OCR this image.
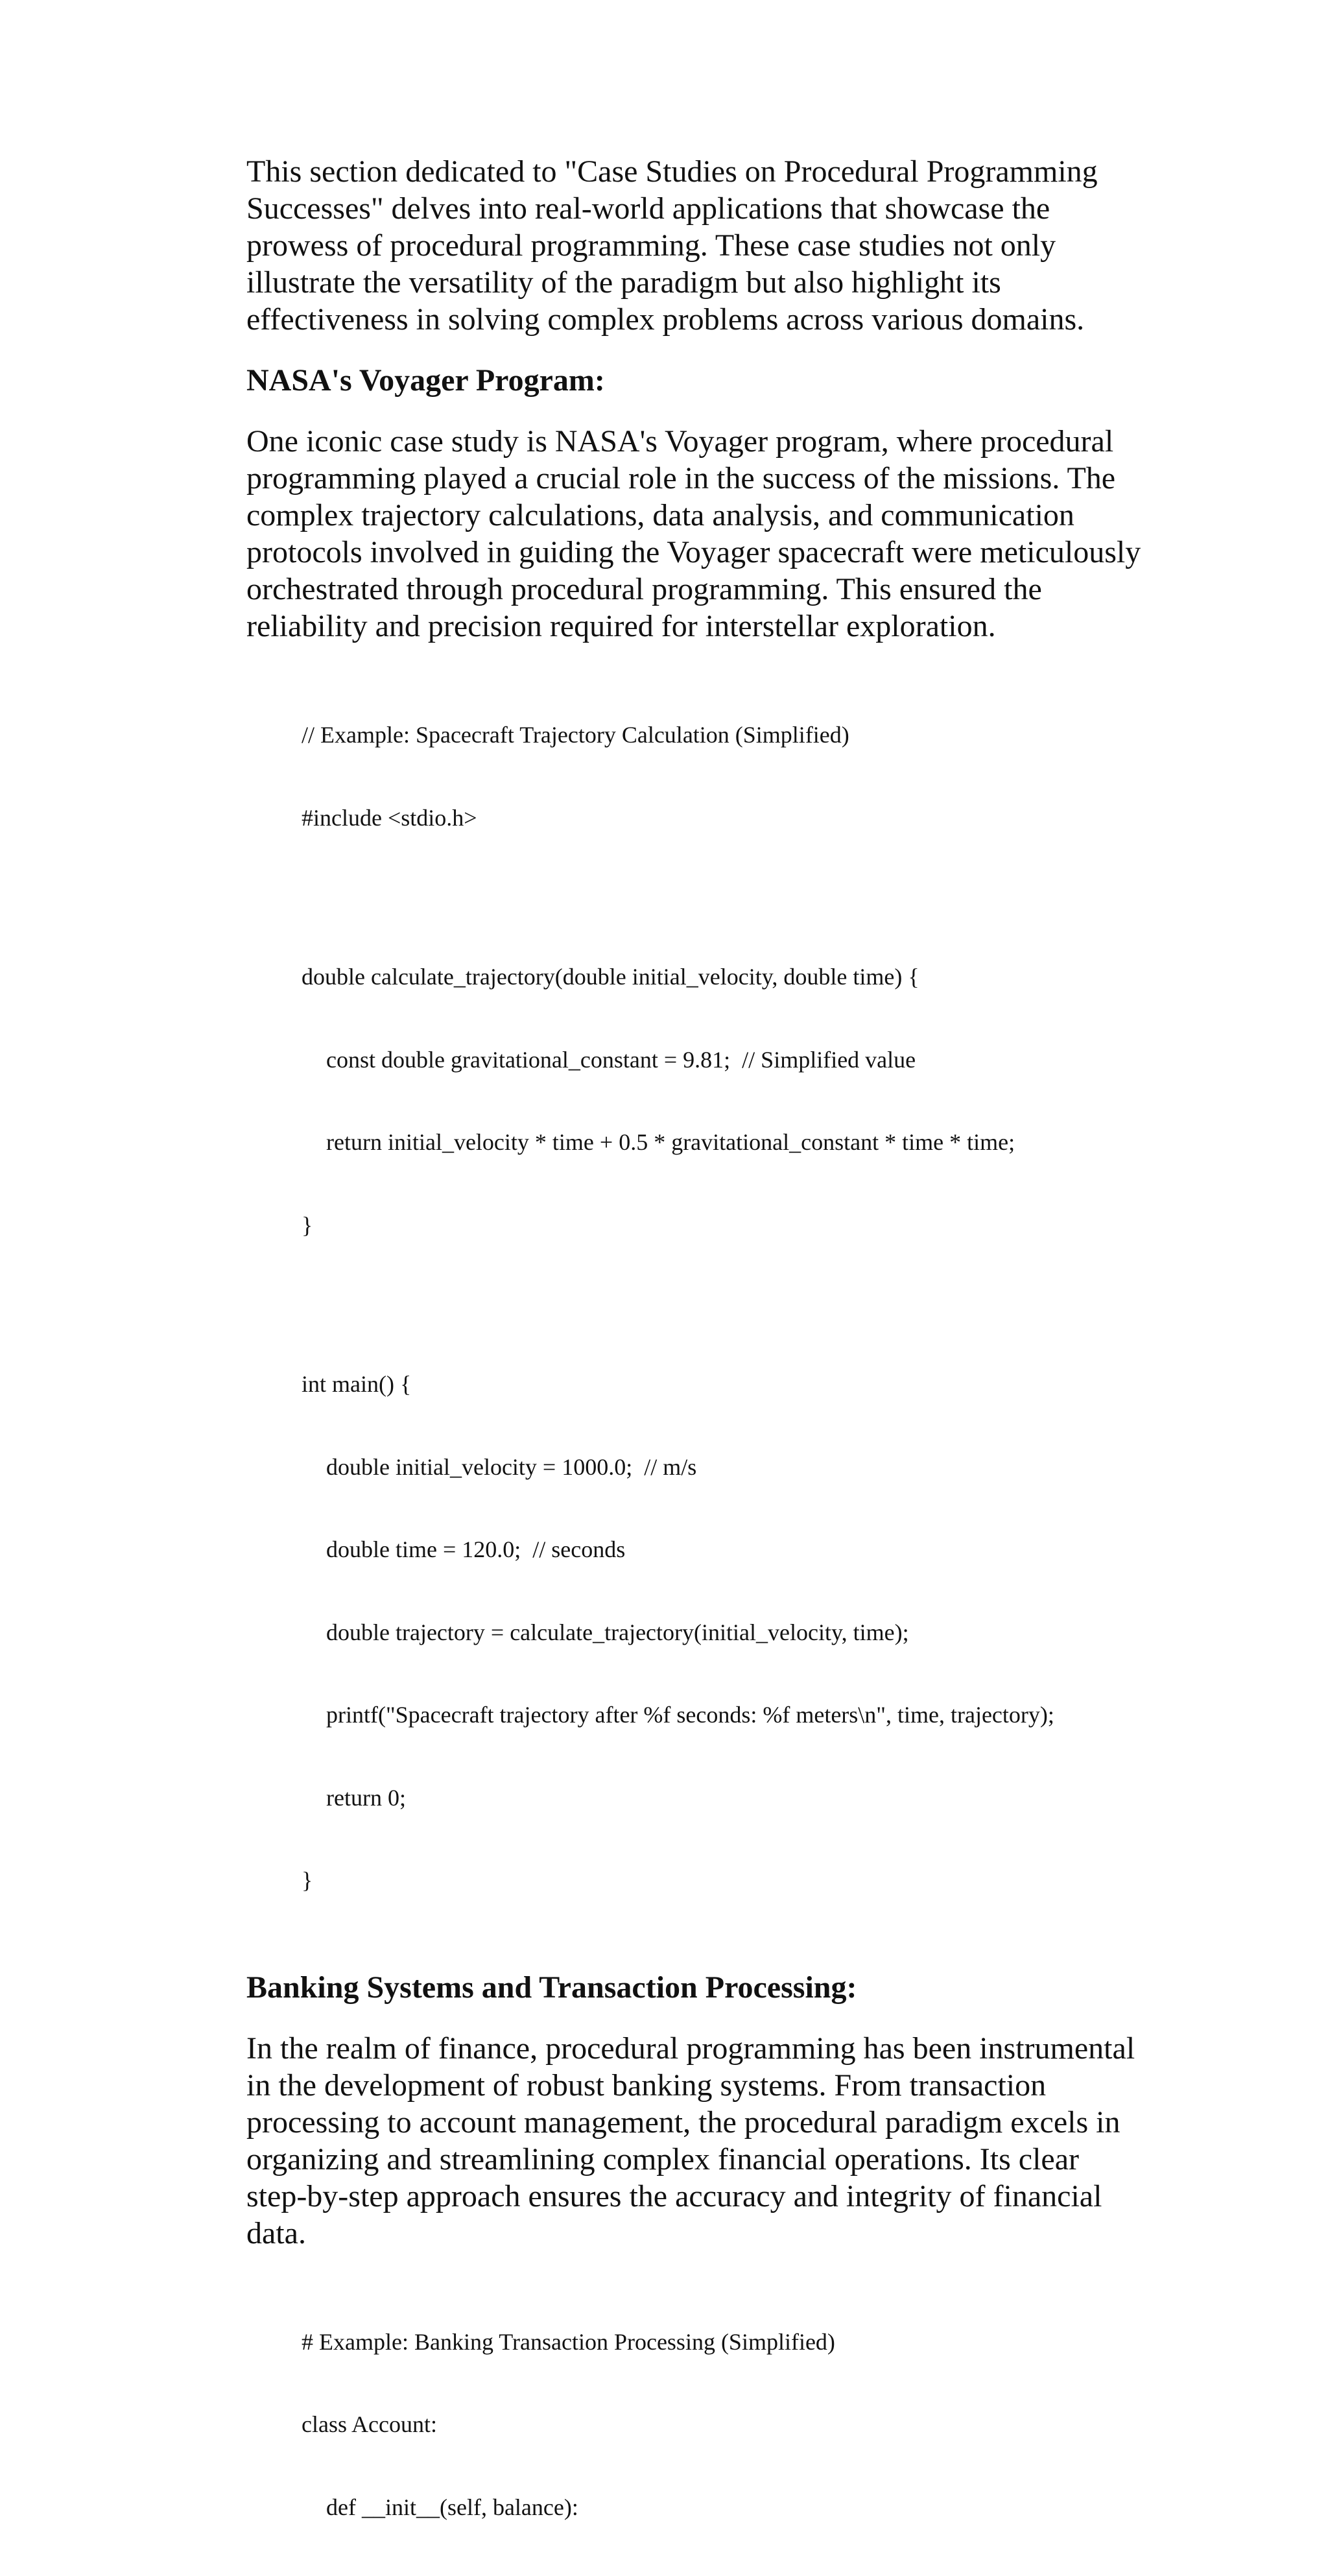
This section dedicated to "Case Studies on Procedural Programming Successes" delves into real-world applications that showcase the prowess of procedural programming. These case studies not only illustrate the versatility of the paradigm but also highlight its effectiveness in solving complex problems across various domains.

NASA's Voyager Program:

One iconic case study is NASA's Voyager program, where procedural programming played a crucial role in the success of the missions. The complex trajectory calculations, data analysis, and communication protocols involved in guiding the Voyager spacecraft were meticulously orchestrated through procedural programming. This ensured the reliability and precision required for interstellar exploration.

// Example: Spacecraft Trajectory Calculation (Simplified)

#include <stdio.h>

double calculate_trajectory(double initial_velocity, double time) {

const double gravitational_constant = 9.81;  // Simplified value

return initial_velocity * time + 0.5 * gravitational_constant * time * time;

}

int main() {

double initial_velocity = 1000.0;  // m/s

double time = 120.0;  // seconds

double trajectory = calculate_trajectory(initial_velocity, time);

printf("Spacecraft trajectory after %f seconds: %f meters\n", time, trajectory);

return 0;

}

Banking Systems and Transaction Processing:

In the realm of finance, procedural programming has been instrumental in the development of robust banking systems. From transaction processing to account management, the procedural paradigm excels in organizing and streamlining complex financial operations. Its clear step-by-step approach ensures the accuracy and integrity of financial data.

# Example: Banking Transaction Processing (Simplified)

class Account:

def __init__(self, balance):
